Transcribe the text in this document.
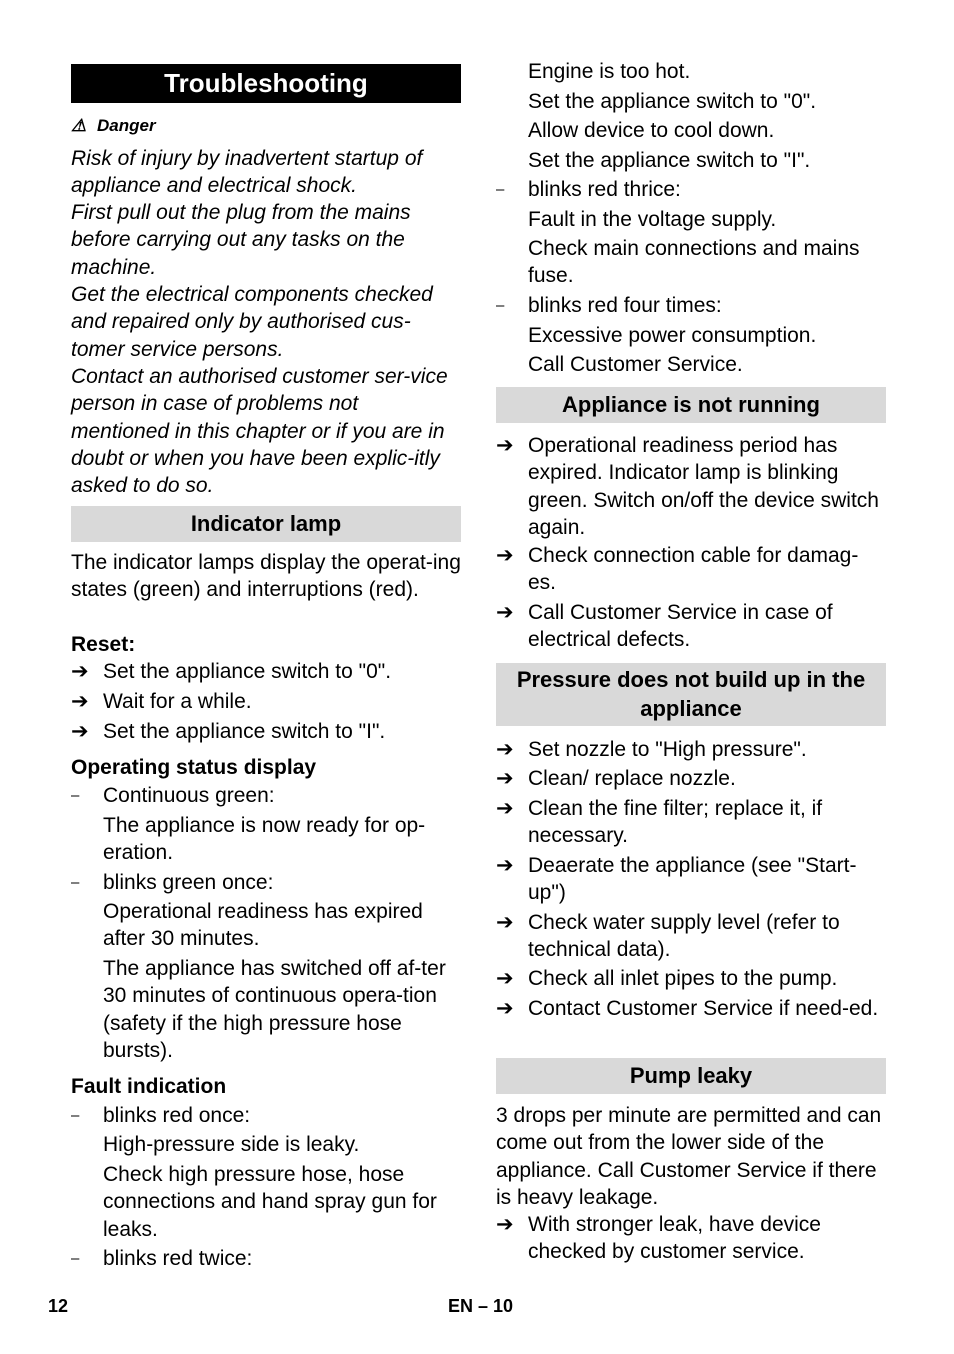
Troubleshooting
⚠ Danger
Risk of injury by inadvertent startup of appliance and electrical shock.
First pull out the plug from the mains before carrying out any tasks on the machine.
Get the electrical components checked and repaired only by authorised cus-tomer service persons.
Contact an authorised customer ser-vice person in case of problems not mentioned in this chapter or if you are in doubt or when you have been explic-itly asked to do so.
Indicator lamp
The indicator lamps display the operat-ing states (green) and interruptions (red).
Reset:
➔ Set the appliance switch to "0".
➔ Wait for a while.
➔ Set the appliance switch to "I".
Operating status display
–	Continuous green:
The appliance is now ready for op-eration.
–	blinks green once:
Operational readiness has expired after 30 minutes.
The appliance has switched off af-ter 30 minutes of continuous opera-tion (safety if the high pressure hose bursts).
Fault indication
–	blinks red once:
High-pressure side is leaky.
Check high pressure hose, hose connections and hand spray gun for leaks.
–	blinks red twice:
Engine is too hot.
Set the appliance switch to "0".
Allow device to cool down.
Set the appliance switch to "I".
–	blinks red thrice:
Fault in the voltage supply.
Check main connections and mains fuse.
–	blinks red four times:
Excessive power consumption.
Call Customer Service.
Appliance is not running
➔ Operational readiness period has expired. Indicator lamp is blinking green. Switch on/off the device switch again.
➔ Check connection cable for damag-es.
➔ Call Customer Service in case of electrical defects.
Pressure does not build up in the appliance
➔ Set nozzle to "High pressure".
➔ Clean/ replace nozzle.
➔ Clean the fine filter; replace it, if necessary.
➔ Deaerate the appliance (see "Start-up")
➔ Check water supply level (refer to technical data).
➔ Check all inlet pipes to the pump.
➔ Contact Customer Service if need-ed.
Pump leaky
3 drops per minute are permitted and can come out from the lower side of the appliance. Call Customer Service if there is heavy leakage.
➔ With stronger leak, have device checked by customer service.
12	EN – 10
